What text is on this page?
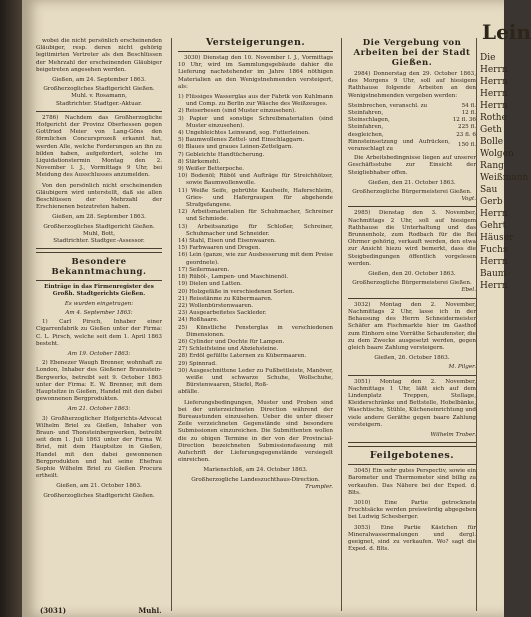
wobei die nicht persönlich erscheinenden Gläubiger, resp. deren nicht gehörig legitimirten Vertreter als den Beschlüssen der Mehrzahl der erscheinenden Gläubiger beigetreten angesehen werden.

Gießen, am 24. September 1863.
Großherzogliches Stadtgericht Gießen.
Muhl. v. Rosamann,
Stadtrichter. Stadtger.-Aktuar.

2786) Nachdem das Großherzogliche Hofgericht der Provinz Oberhessen gegen Gottfried Meier von Lang-Göns den förmlichen Concursprozeß erkannt hat, werden Alle, welche Forderungen an ihn zu bilden haben, aufgefordert, solche im Liquidationstermin Montag den 2. November l. J., Vormittags 9 Uhr, bei Meidung des Ausschlusses anzumelden.

Von den persönlich nicht erscheinenden Gläubigern wird unterstellt, daß sie allen Beschlüssen der Mehrzahl der Erschienenen beizutreten haben.

Gießen, am 28. September 1863.
Großherzogliches Stadtgericht Gießen.
Muhl, Bott,
Stadtrichter. Stadtger.-Assessor.
Besondere Bekanntmachung.
Einträge in das Firmenregister des Großh. Stadtgerichts Gießen.
Es wurden eingetragen:
Am 4. September 1863:

1) Carl Pirsch, Inhaber einer Cigarrenfabrik zu Gießen unter der Firma: C. L. Pirsch, welche seit dem 1. April 1863 besteht.

Am 19. October 1863:

2) Ebenezer Waugh Brenner, wohnhaft zu London, Inhaber des Gießener Braunstein-Bergwerks, betreibt seit 9. October 1863 unter der Firma: E. W. Brenner, mit dem Hauptsitze in Gießen, Handel mit den dabei gewonnenen Bergprodukten.

Am 21. October 1863:

3) Großherzoglicher Hofgerichts-Advocat Wilhelm Briel zu Gießen, Inhaber von Braun- und Thonsteinbergwerken, betreibt seit dem 1. Juli 1863 unter der Firma W. Briel, mit dem Hauptsitze in Gießen, Handel mit den dabei gewonnenen Bergprodukten und hat seine Ehefrau Sophie Wilhelm Briel zu Gießen Procura ertheilt.

Gießen, am 21. October 1863.
Großherzogliches Stadtgericht Gießen.
Versteigerungen.

3030) Dienstag den 10. November l. J., Vormittags 10 Uhr, wird im Sammlungsgebäude dahier die Lieferung nachstehender im Jahre 1864 nöthigen Materialien an den Wenigstnehmenden versteigert, als:

1) Flüssiges Wasserglas aus der Fabrik von Kuhlmann und Comp. zu Berlin zur Wäsche des Weißzeuges.
2) Reiserbesen (sind Muster einzusehen).
3) Papier und sonstige Schreibmaterialien (sind Muster einzusehen).
4) Ungebleichtes Leinwand, sog. Futterleinen.
5) Baumwollenes Zettel- und Einschlaggarn.
6) Blaues und graues Leinen-Zettelgarn.
7) Gebleichte Handtücherung.
8) Stärkemehl.
9) Weißer Betterpoche.
10) Bodenöl; Rüböl und Aufträge für Streichhölzer, sowie Baumwollenwolle.
11) Weiße Seife, gebrühte Kaufseife, Haferschleim, Gries- und Hafergraupen für abgehende Strafgefangene.
12) Arbeitsmaterialien für Schuhmacher, Schreiner und Schmiede.
13) Arbeitsanzüge für Schloßer, Schreiner, Schuhmacher und Schneider.
14) Stahl, Eisen und Eisenwaaren.
15) Farbwaaren und Drogen.
16) Lein (ganze, wie zur Ausbesserung mit dem Preise geordnete).
17) Seilermaaren.
18) Rüböl-, Lampen- und Maschinenöl.
19) Dielen und Latten.
20) Holzgefäße in verschiedenen Sorten.
21) Reisstänme zu Kübermaaren.
22) Wollenbürstenwaaren.
23) Ausgearbeitetes Sackleder.
24) Roßhaare.
25) Künstliche Fensterglas in verschiedenen Dimensionen.
26) Cylinder und Dochte für Lampen.
27) Schleifsteine und Abziehsteine.
28) Erdöl gefüllte Laternen zu Kübermaaren.
29) Spinnrad.
30) Ausgeschnittene Leder zu Fußbettleiste, Manöver, weiße und schwarze Schuhe, Wollschuhe, Bürstenwaaren, Stiefel, Roß-
abfälle.

Lieferungsbedingungen, Muster und Proben sind bei der unterzeichneten Direction während der Bureaustunden einzusehen. Ueber die unter dieser Zeile verzeichneten Gegenstände sind besondere Submissionen einzureichen. Die Submittenten wollen die zu obigen Termine in der von der Provincial-Direction bezeichneten Submissionsfassung mit Aufschrift der Lieferungsgegenstände versiegelt einreichen.

Marienschloß, am 24. October 1863.
Großherzogliche Landeszuchthaus-Direction.
Trumpler.
Die Vergebung von Arbeiten bei der Stadt Gießen.

2984) Donnerstag den 29. October 1863, des Morgens 9 Uhr, soll auf hiesigem Rathhause folgende Arbeiten an den Wenigstnehmenden vergeben werden:

Steinbrechen, veranschl. zu	54 fl.
Steinfahren,	12 fl.
Steinschlagen,	12 fl. 36
Steinfahren,	225 fl.
desgleichen,	23 fl. 6
Rinnsteinsetzung und Aufrücken, veranschlagt zu	150 fl.

Die Arbeitsbedingnisse liegen auf unserer Geschäftsstube zur Einsicht der Steigliebhaber offen.

Gießen, den 21. October 1863.
Großherzogliche Bürgermeisterei Gießen.
Vogt.

2985) Dienstag den 3. November, Nachmittags 2 Uhr, soll auf hiesigem Rathhause die Unterhaltung und das Brunnenholz, zum Rodbach für die Bei Ohrmer gehörig, verkauft werden, den etwa zur Ansicht hiezu wird bemerkt, dass die Steigbedingungen öffentlich vorgelesen werden.

Gießen, den 20. October 1863.
Großherzogliche Bürgermeisterei Gießen.
Ebel.

3032) Montag den 2. November, Nachmittags 2 Uhr, lasse ich in der Behausung des Herrn Schneidermeister Schäfer am Fischmarkte hier im Gasthof zum Einhorn eine Vorräthe Schaufenster, die zu dem Zwecke ausgesetzt werden, gegen gleich baare Zahlung versteigern.

Gießen, 26. October 1863.
M. Pilger.

3051) Montag den 2. November, Nachmittags 1 Uhr, läßt sich auf dem Lindenplatz Treppen, Stellage, Kleiderschränke und Bettstelle, Hobelbänke, Waschtische, Stühle, Kücheneinrichtung und viele andere Geräthe gegen baare Zahlung versteigern.

Wilhelm Trober.
Feilgebotenes.

3045) Ein sehr gutes Perspectiv, sowie ein Barometer und Thermometer sind billig zu verkaufen. Das Nähere bei der Exped. d. Blts.

3010) Eine Partie getrocknete Fruchtsäcke werden preiswürdig abgegeben bei Ludwig Schesberger.

3053) Eine Partie Kästchen für Mineralwassermalungen und dergl. geeignet, sind zu verkaufen. Wo? sagt die Exped. d. Blts.

Lein
Die
Herrn
Herrn
Herrn
Herrn
Rothe
Geth
Bolle
Wolgen
Rang
Weißmann
Sau
Gerb
Herrn
Gehrt
Häuser
Fuchs
Herrn
Baum
Herrn
(3031)	Muhl.
